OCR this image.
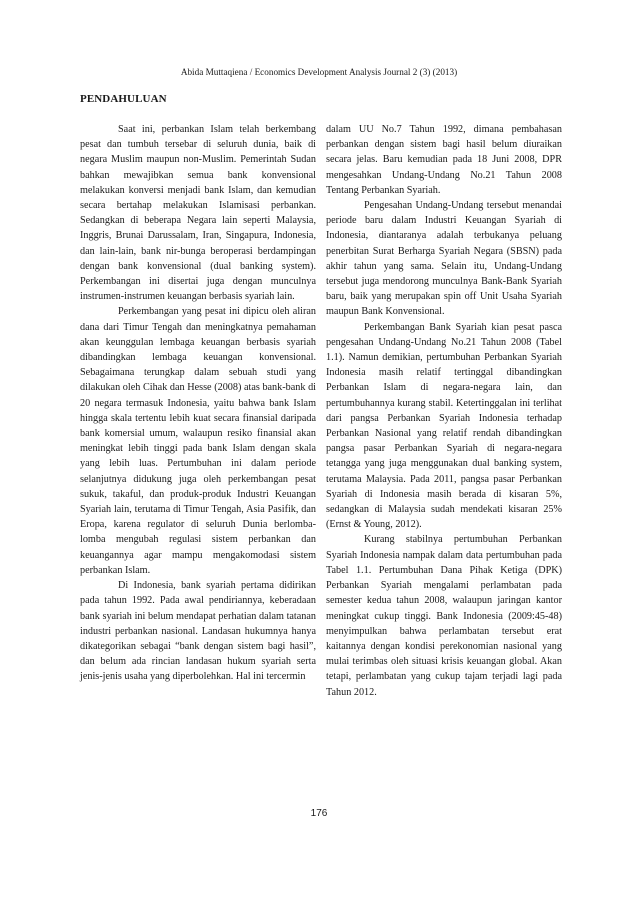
Abida Muttaqiena / Economics Development Analysis Journal 2 (3) (2013)
PENDAHULUAN

Saat ini, perbankan Islam telah berkembang pesat dan tumbuh tersebar di seluruh dunia, baik di negara Muslim maupun non-Muslim. Pemerintah Sudan bahkan mewajibkan semua bank konvensional melakukan konversi menjadi bank Islam, dan kemudian secara bertahap melakukan Islamisasi perbankan. Sedangkan di beberapa Negara lain seperti Malaysia, Inggris, Brunai Darussalam, Iran, Singapura, Indonesia, dan lain-lain, bank nir-bunga beroperasi berdampingan dengan bank konvensional (dual banking system). Perkembangan ini disertai juga dengan munculnya instrumen-instrumen keuangan berbasis syariah lain.

Perkembangan yang pesat ini dipicu oleh aliran dana dari Timur Tengah dan meningkatnya pemahaman akan keunggulan lembaga keuangan berbasis syariah dibandingkan lembaga keuangan konvensional. Sebagaimana terungkap dalam sebuah studi yang dilakukan oleh Cihak dan Hesse (2008) atas bank-bank di 20 negara termasuk Indonesia, yaitu bahwa bank Islam hingga skala tertentu lebih kuat secara finansial daripada bank komersial umum, walaupun resiko finansial akan meningkat lebih tinggi pada bank Islam dengan skala yang lebih luas. Pertumbuhan ini dalam periode selanjutnya didukung juga oleh perkembangan pesat sukuk, takaful, dan produk-produk Industri Keuangan Syariah lain, terutama di Timur Tengah, Asia Pasifik, dan Eropa, karena regulator di seluruh Dunia berlomba-lomba mengubah regulasi sistem perbankan dan keuangannya agar mampu mengakomodasi sistem perbankan Islam.

Di Indonesia, bank syariah pertama didirikan pada tahun 1992. Pada awal pendiriannya, keberadaan bank syariah ini belum mendapat perhatian dalam tatanan industri perbankan nasional. Landasan hukumnya hanya dikategorikan sebagai “bank dengan sistem bagi hasil”, dan belum ada rincian landasan hukum syariah serta jenis-jenis usaha yang diperbolehkan. Hal ini tercermin

dalam UU No.7 Tahun 1992, dimana pembahasan perbankan dengan sistem bagi hasil belum diuraikan secara jelas. Baru kemudian pada 18 Juni 2008, DPR mengesahkan Undang-Undang No.21 Tahun 2008 Tentang Perbankan Syariah.

Pengesahan Undang-Undang tersebut menandai periode baru dalam Industri Keuangan Syariah di Indonesia, diantaranya adalah terbukanya peluang penerbitan Surat Berharga Syariah Negara (SBSN) pada akhir tahun yang sama. Selain itu, Undang-Undang tersebut juga mendorong munculnya Bank-Bank Syariah baru, baik yang merupakan spin off Unit Usaha Syariah maupun Bank Konvensional.

Perkembangan Bank Syariah kian pesat pasca pengesahan Undang-Undang No.21 Tahun 2008 (Tabel 1.1). Namun demikian, pertumbuhan Perbankan Syariah Indonesia masih relatif tertinggal dibandingkan Perbankan Islam di negara-negara lain, dan pertumbuhannya kurang stabil. Ketertinggalan ini terlihat dari pangsa Perbankan Syariah Indonesia terhadap Perbankan Nasional yang relatif rendah dibandingkan pangsa pasar Perbankan Syariah di negara-negara tetangga yang juga menggunakan dual banking system, terutama Malaysia. Pada 2011, pangsa pasar Perbankan Syariah di Indonesia masih berada di kisaran 5%, sedangkan di Malaysia sudah mendekati kisaran 25% (Ernst & Young, 2012).

Kurang stabilnya pertumbuhan Perbankan Syariah Indonesia nampak dalam data pertumbuhan pada Tabel 1.1. Pertumbuhan Dana Pihak Ketiga (DPK) Perbankan Syariah mengalami perlambatan pada semester kedua tahun 2008, walaupun jaringan kantor meningkat cukup tinggi. Bank Indonesia (2009:45-48) menyimpulkan bahwa perlambatan tersebut erat kaitannya dengan kondisi perekonomian nasional yang mulai terimbas oleh situasi krisis keuangan global. Akan tetapi, perlambatan yang cukup tajam terjadi lagi pada Tahun 2012.

176
